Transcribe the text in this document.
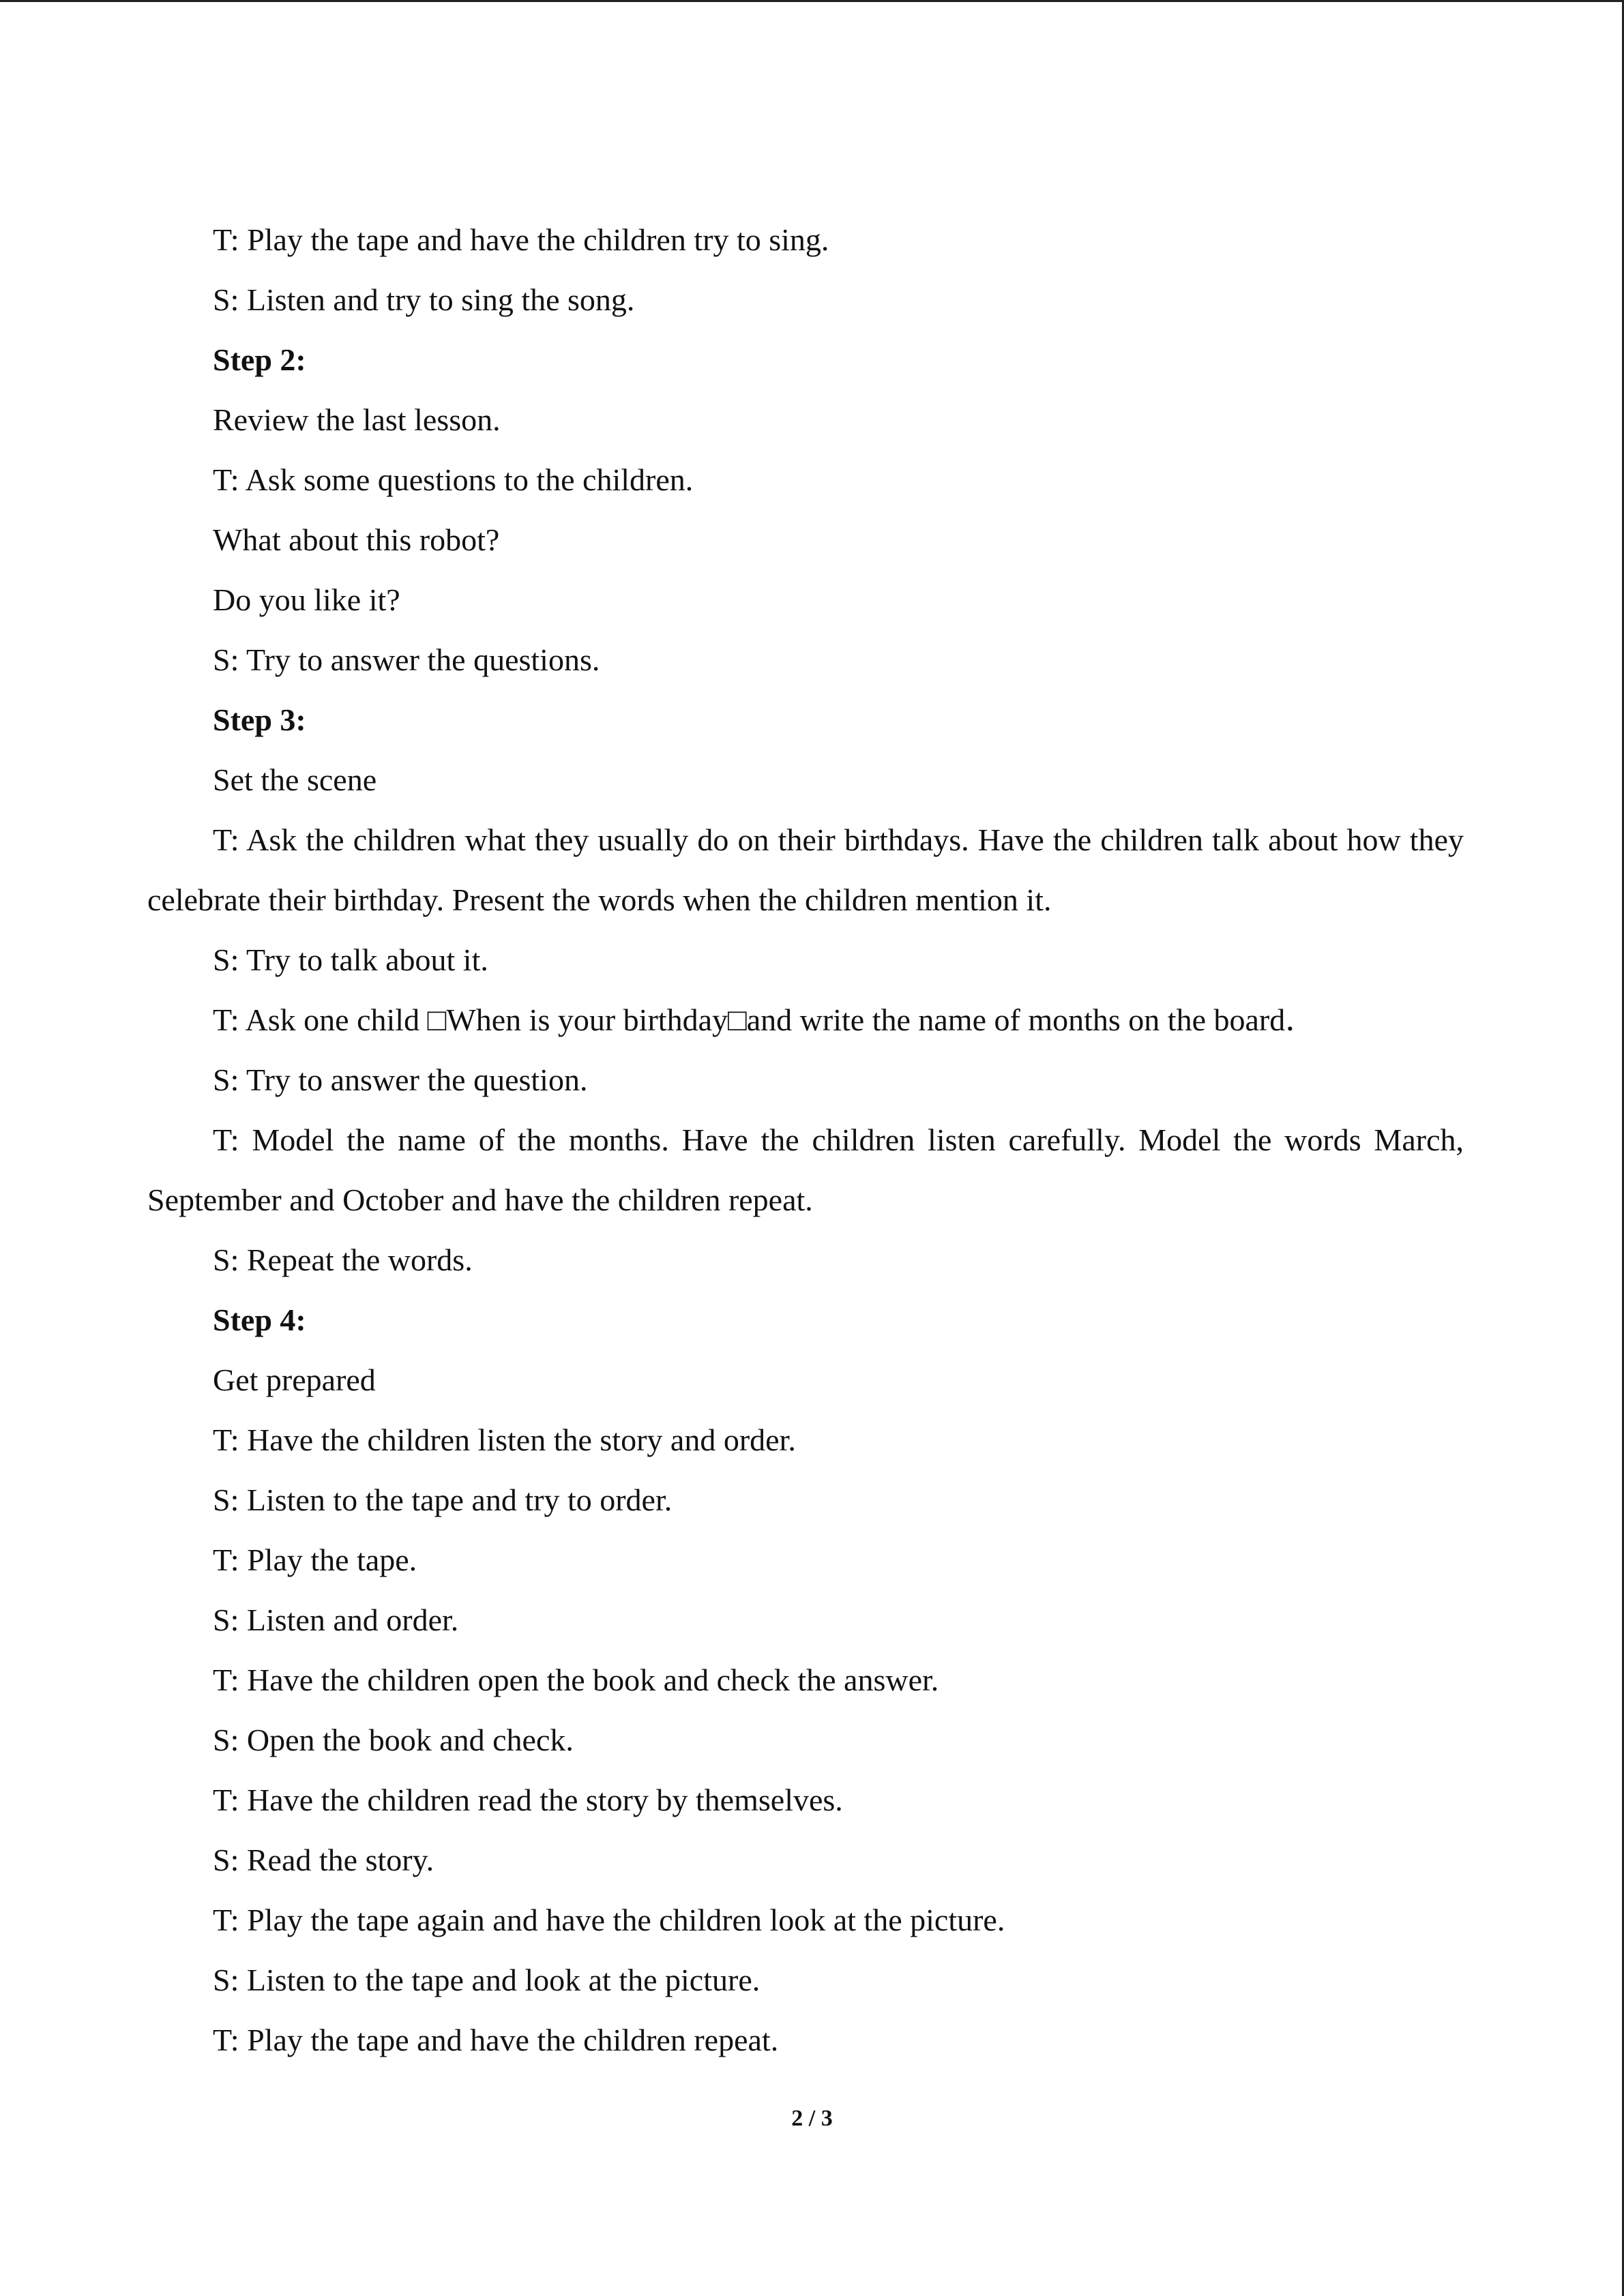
T: Play the tape and have the children try to sing.
S: Listen and try to sing the song.
Step 2:
Review the last lesson.
T: Ask some questions to the children.
What about this robot?
Do you like it?
S: Try to answer the questions.
Step 3:
Set the scene

T: Ask the children what they usually do on their birthdays. Have the children talk about how they celebrate their birthday. Present the words when the children mention it.

S: Try to talk about it.
T: Ask one child □When is your birthday□and write the name of months on the board．
S: Try to answer the question.

T: Model the name of the months. Have the children listen carefully. Model the words March, September and October and have the children repeat.

S: Repeat the words.
Step 4:
Get prepared
T: Have the children listen the story and order.
S: Listen to the tape and try to order.
T: Play the tape.
S: Listen and order.
T: Have the children open the book and check the answer.
S: Open the book and check.
T: Have the children read the story by themselves.
S: Read the story.
T: Play the tape again and have the children look at the picture.
S: Listen to the tape and look at the picture.
T: Play the tape and have the children repeat.
2 / 3
